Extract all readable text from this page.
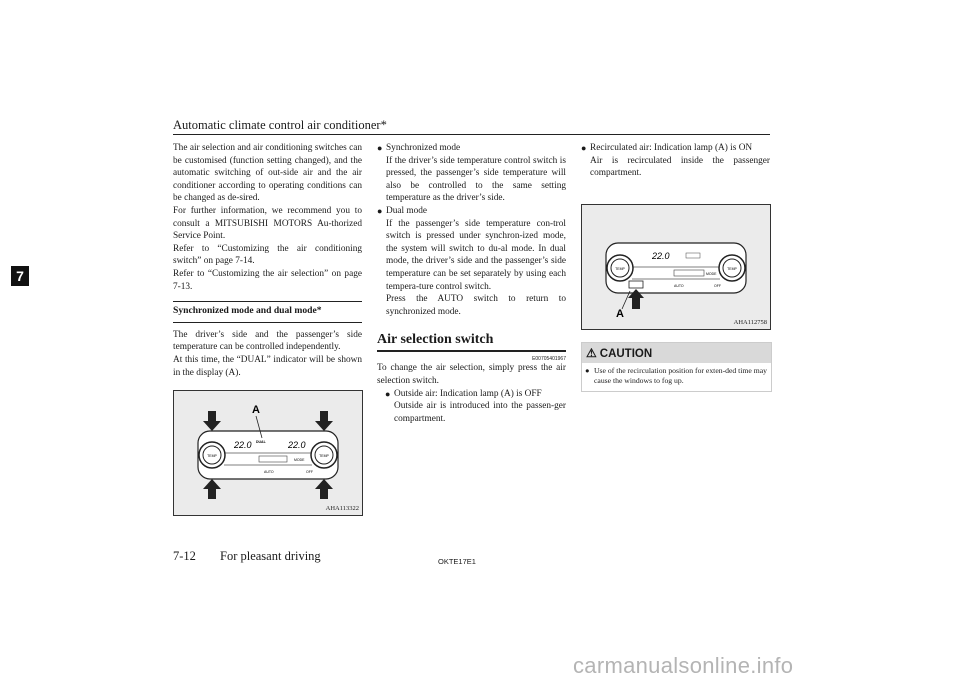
Automatic climate control air conditioner*
7

The air selection and air conditioning switches can be customised (function setting changed), and the automatic switching of out-side air and the air conditioner according to operating conditions can be changed as de-sired.

For further information, we recommend you to consult a MITSUBISHI MOTORS Au-thorized Service Point.

Refer to “Customizing the air conditioning switch” on page 7-14.

Refer to “Customizing the air selection” on page 7-13.

Synchronized mode and dual mode*

The driver’s side and the passenger’s side temperature can be controlled independently.

At this time, the “DUAL” indicator will be shown in the display (A).

TEMP	TEMP
22.0	22.0
DUAL
MODE
AUTO	OFF
A
AHA113322
● Synchronized mode

If the driver’s side temperature control switch is pressed, the passenger’s side temperature will also be controlled to the same setting temperature as the driver’s side.

● Dual mode

If the passenger’s side temperature con-trol switch is pressed under synchron-ized mode, the system will switch to du-al mode. In dual mode, the driver’s side and the passenger’s side temperature can be set separately by using each tempera-ture control switch.

Press the AUTO switch to return to synchronized mode.

Air selection switch
E00705401967

To change the air selection, simply press the air selection switch.

● Outside air: Indication lamp (A) is OFF

Outside air is introduced into the passen-ger compartment.

● Recirculated air: Indication lamp (A) is ON

Air is recirculated inside the passenger compartment.

TEMP	TEMP
22.0
MODE
AUTO	OFF
A
AHA112758
⚠ CAUTION
● Use of the recirculation position for exten-ded time may cause the windows to fog up.
7-12 For pleasant driving	OKTE17E1
carmanualsonline.info
